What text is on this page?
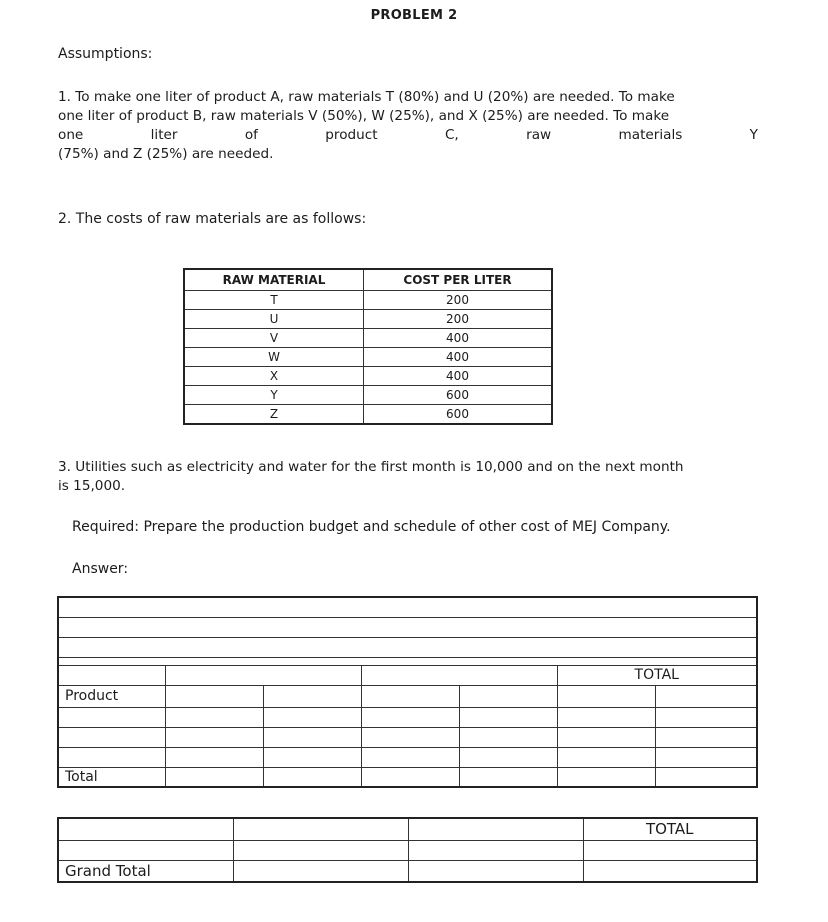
PROBLEM 2
Assumptions:
1. To make one liter of product A, raw materials T (80%) and U (20%) are needed. To make
one liter of product B, raw materials V (50%), W (25%), and X (25%) are needed. To make
one liter of product C, raw materials Y
(75%) and Z (25%) are needed.
2. The costs of raw materials are as follows:
RAW MATERIAL	COST PER LITER
T	200
U	200
V	400
W	400
X	400
Y	600
Z	600
3. Utilities such as electricity and water for the first month is 10,000 and on the next month
is 15,000.
Required: Prepare the production budget and schedule of other cost of MEJ Company.
Answer:

					TOTAL	
Product						

Total						
			TOTAL

Grand Total			
